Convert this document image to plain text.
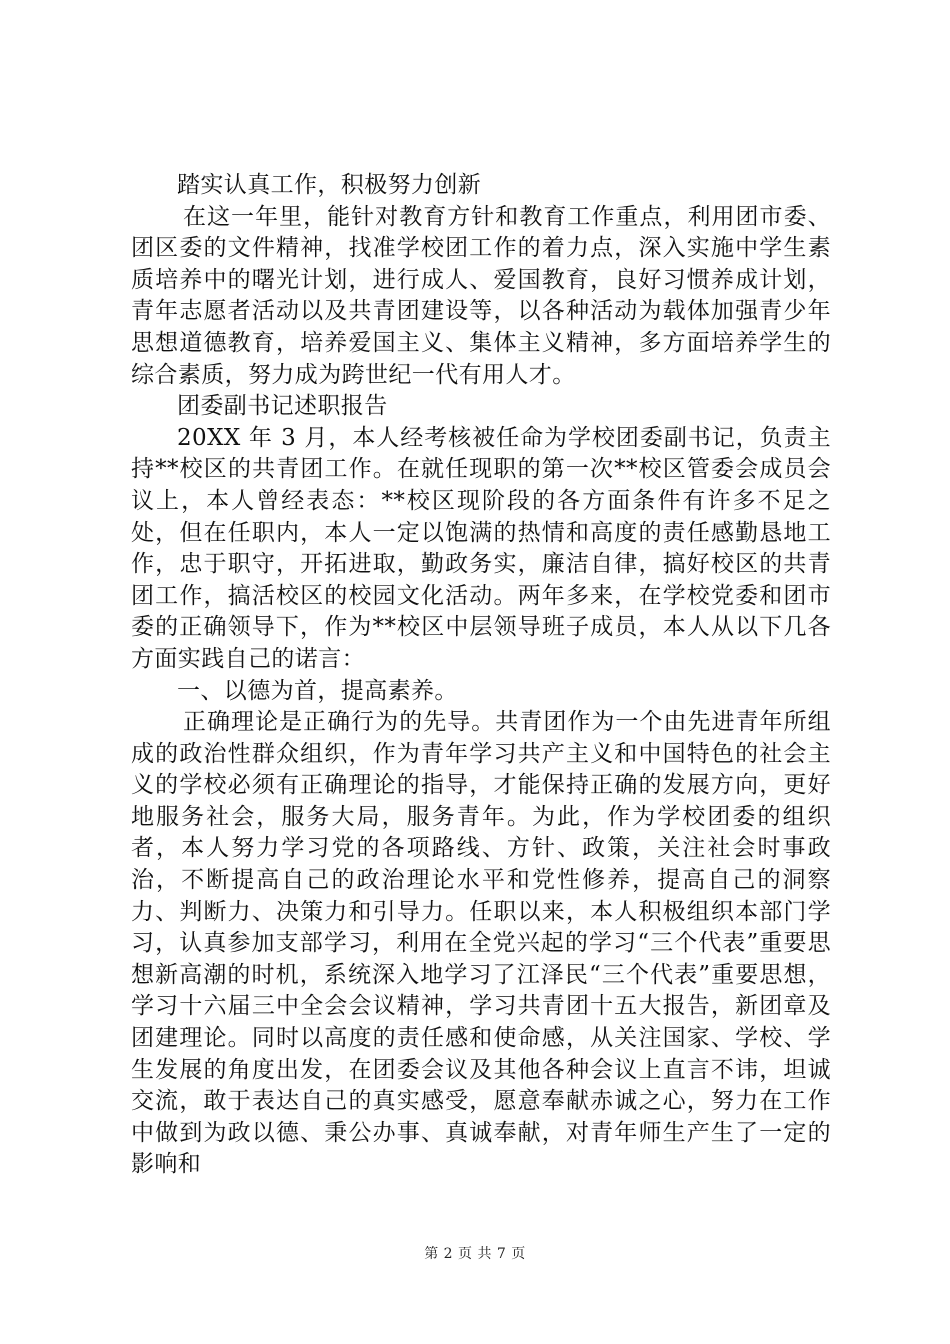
踏实认真工作，积极努力创新

在这一年里，能针对教育方针和教育工作重点，利用团市委、团区委的文件精神，找准学校团工作的着力点，深入实施中学生素质培养中的曙光计划，进行成人、爱国教育，良好习惯养成计划，青年志愿者活动以及共青团建设等，以各种活动为载体加强青少年思想道德教育，培养爱国主义、集体主义精神，多方面培养学生的综合素质，努力成为跨世纪一代有用人才。

团委副书记述职报告

20XX 年 3 月，本人经考核被任命为学校团委副书记，负责主持**校区的共青团工作。在就任现职的第一次**校区管委会成员会议上，本人曾经表态：**校区现阶段的各方面条件有许多不足之处，但在任职内，本人一定以饱满的热情和高度的责任感勤恳地工作，忠于职守，开拓进取，勤政务实，廉洁自律，搞好校区的共青团工作，搞活校区的校园文化活动。两年多来，在学校党委和团市委的正确领导下，作为**校区中层领导班子成员，本人从以下几各方面实践自己的诺言：

一、以德为首，提高素养。

正确理论是正确行为的先导。共青团作为一个由先进青年所组成的政治性群众组织，作为青年学习共产主义和中国特色的社会主义的学校必须有正确理论的指导，才能保持正确的发展方向，更好地服务社会，服务大局，服务青年。为此，作为学校团委的组织者，本人努力学习党的各项路线、方针、政策，关注社会时事政治，不断提高自己的政治理论水平和党性修养，提高自己的洞察力、判断力、决策力和引导力。任职以来，本人积极组织本部门学习，认真参加支部学习，利用在全党兴起的学习“三个代表”重要思想新高潮的时机，系统深入地学习了江泽民“三个代表”重要思想，学习十六届三中全会会议精神，学习共青团十五大报告，新团章及团建理论。同时以高度的责任感和使命感，从关注国家、学校、学生发展的角度出发，在团委会议及其他各种会议上直言不讳，坦诚交流，敢于表达自己的真实感受，愿意奉献赤诚之心，努力在工作中做到为政以德、秉公办事、真诚奉献，对青年师生产生了一定的影响和

第 2 页 共 7 页
